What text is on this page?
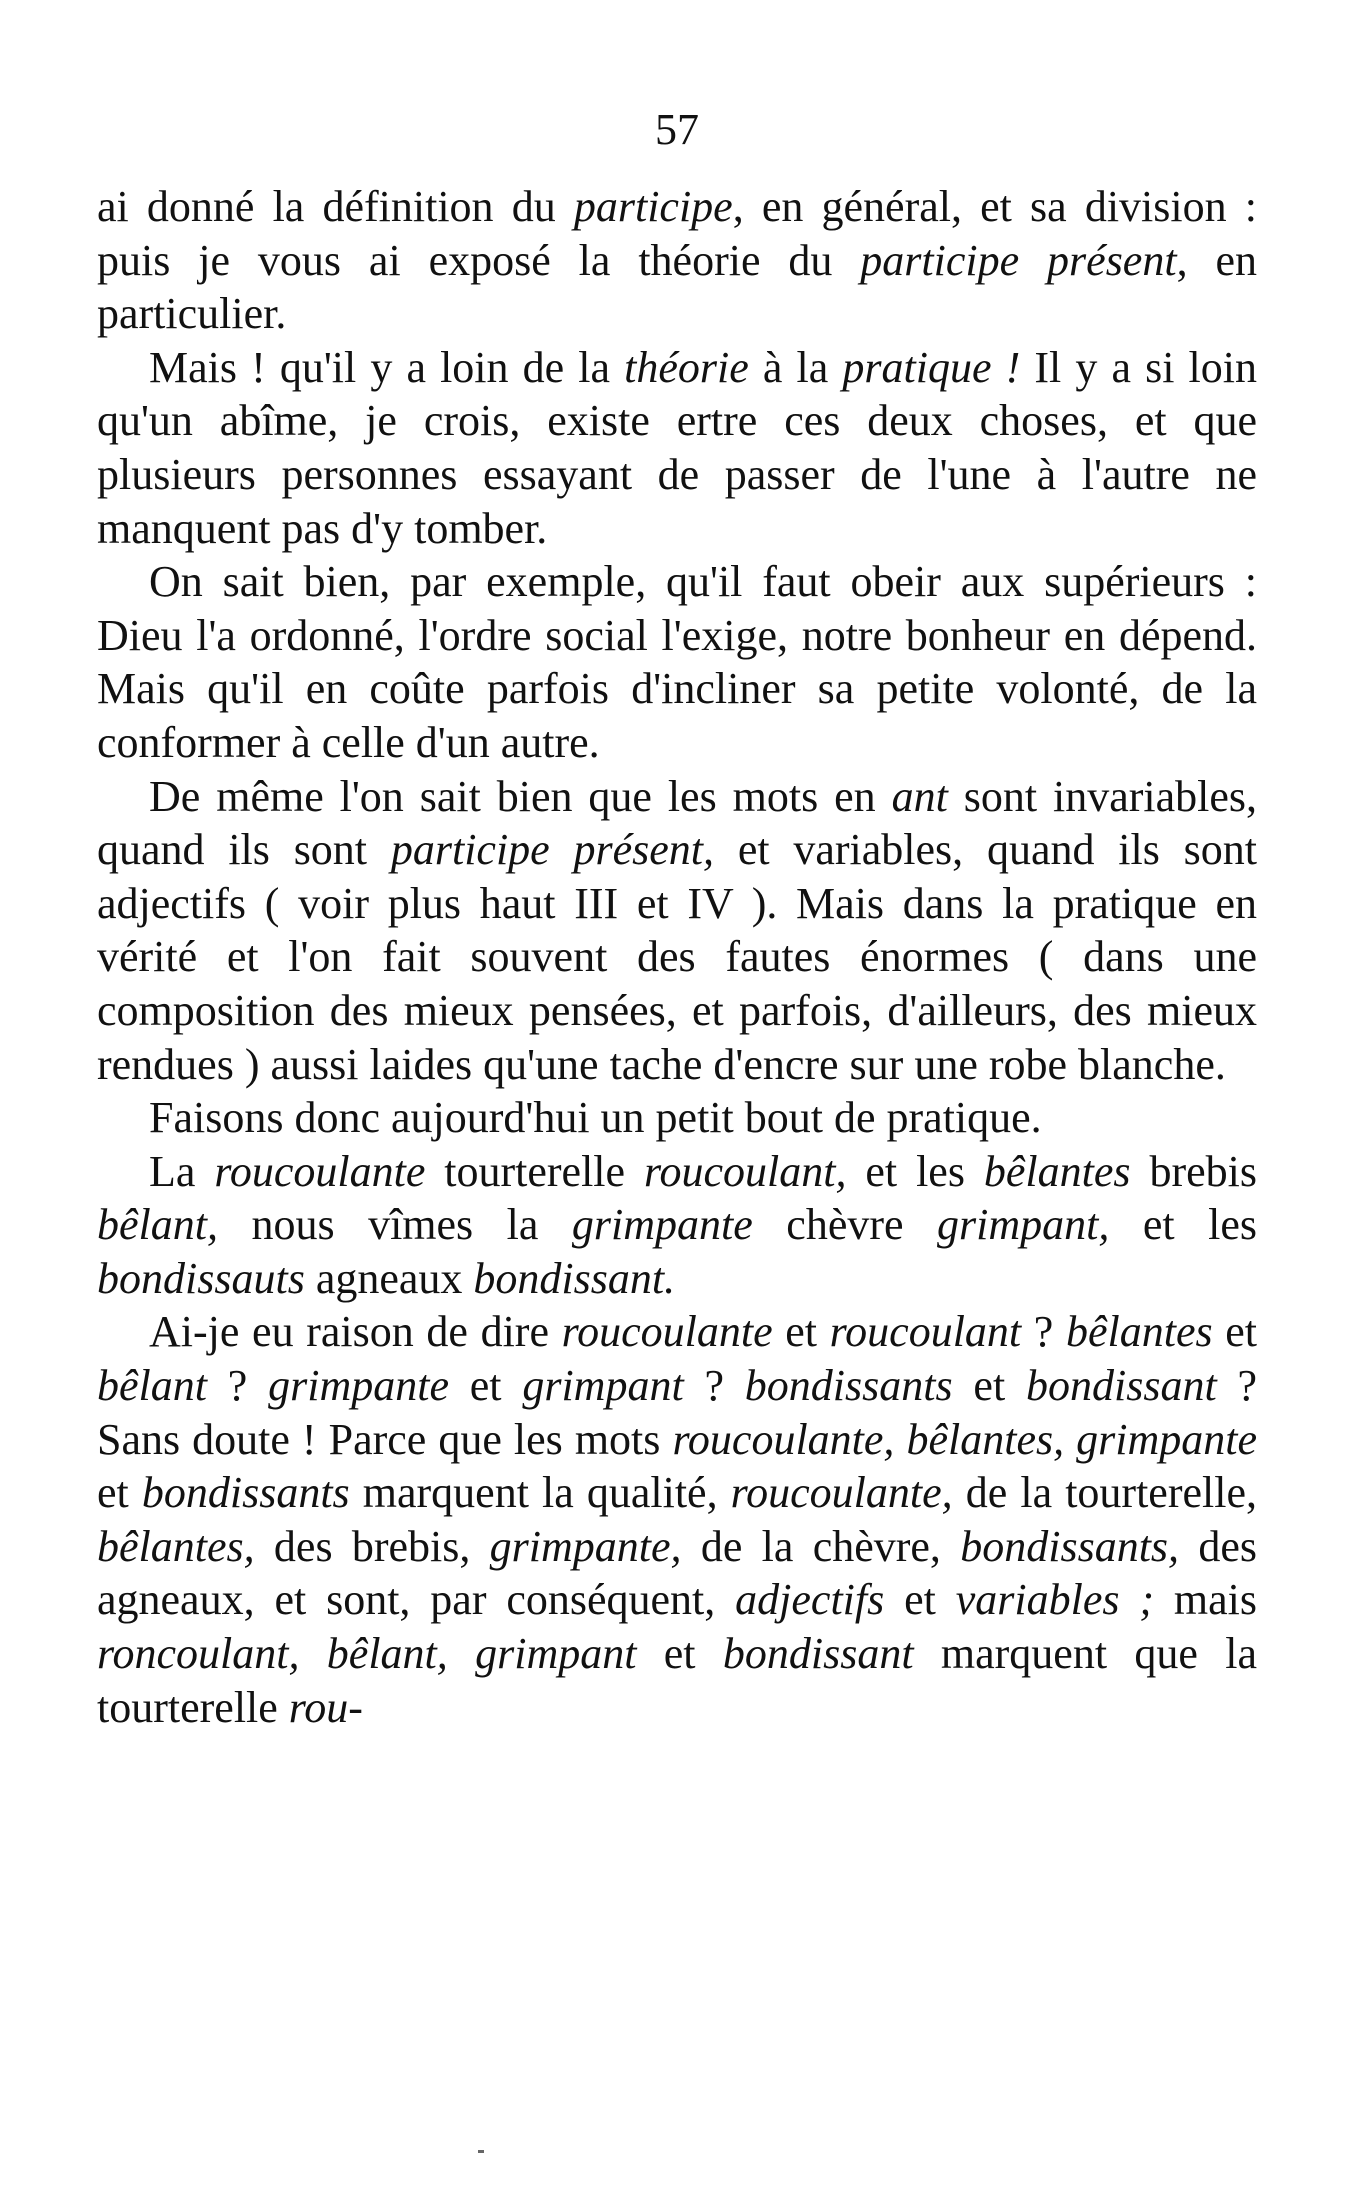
57

ai donné la définition du participe, en général, et sa division : puis je vous ai exposé la théorie du participe présent, en particulier.

Mais ! qu'il y a loin de la théorie à la pratique ! Il y a si loin qu'un abîme, je crois, existe ertre ces deux choses, et que plusieurs personnes essayant de passer de l'une à l'autre ne manquent pas d'y tomber.

On sait bien, par exemple, qu'il faut obeir aux supérieurs : Dieu l'a ordonné, l'ordre social l'exige, notre bonheur en dépend. Mais qu'il en coûte parfois d'incliner sa petite volonté, de la conformer à celle d'un autre.

De même l'on sait bien que les mots en ant sont invariables, quand ils sont participe présent, et variables, quand ils sont adjectifs ( voir plus haut III et IV ). Mais dans la pratique en vérité et l'on fait souvent des fautes énormes ( dans une composition des mieux pensées, et parfois, d'ailleurs, des mieux rendues ) aussi laides qu'une tache d'encre sur une robe blanche.

Faisons donc aujourd'hui un petit bout de pratique.

La roucoulante tourterelle roucoulant, et les bêlantes brebis bêlant, nous vîmes la grimpante chèvre grimpant, et les bondissauts agneaux bondissant.

Ai-je eu raison de dire roucoulante et roucoulant ? bêlantes et bêlant ? grimpante et grimpant ? bondissants et bondissant ? Sans doute ! Parce que les mots roucoulante, bêlantes, grimpante et bondissants marquent la qualité, roucoulante, de la tourterelle, bêlantes, des brebis, grimpante, de la chèvre, bondissants, des agneaux, et sont, par conséquent, adjectifs et variables ; mais roncoulant, bêlant, grimpant et bondissant marquent que la tourterelle rou-
